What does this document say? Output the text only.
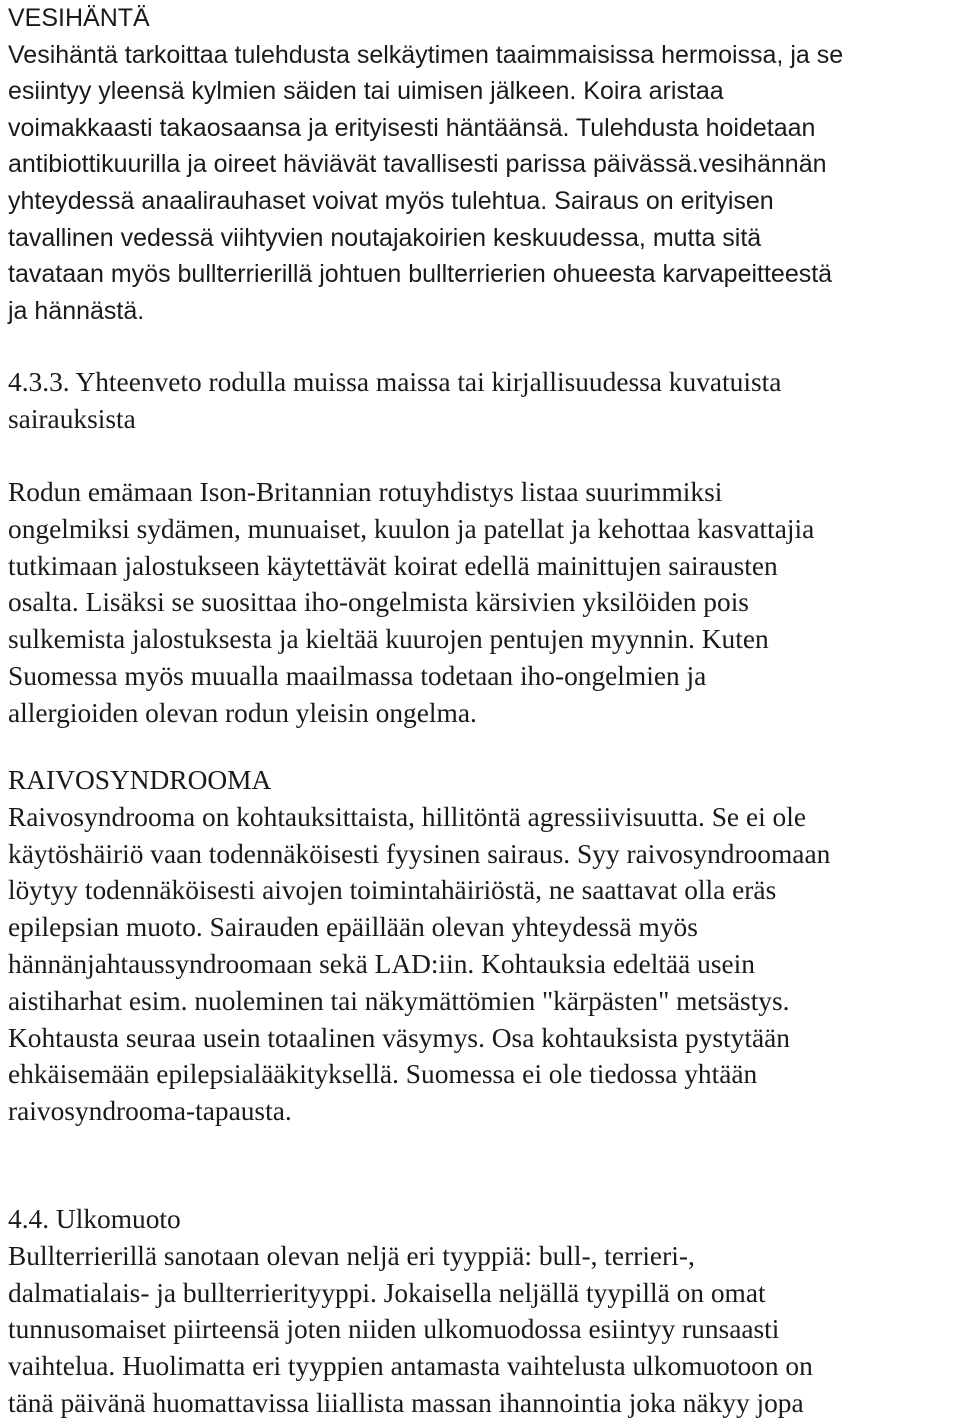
VESIHÄNTÄ
Vesihäntä tarkoittaa tulehdusta selkäytimen taaimmaisissa hermoissa, ja se
esiintyy yleensä kylmien säiden tai uimisen jälkeen. Koira aristaa
voimakkaasti takaosaansa ja erityisesti häntäänsä. Tulehdusta hoidetaan
antibiottikuurilla ja oireet häviävät tavallisesti parissa päivässä.vesihännän
yhteydessä anaalirauhaset voivat myös tulehtua. Sairaus on erityisen
tavallinen vedessä viihtyvien noutajakoirien keskuudessa, mutta sitä
tavataan myös bullterrierillä johtuen bullterrierien ohueesta karvapeitteestä
ja hännästä.
4.3.3. Yhteenveto rodulla muissa maissa tai kirjallisuudessa kuvatuista
sairauksista
Rodun emämaan Ison-Britannian rotuyhdistys listaa suurimmiksi
ongelmiksi sydämen, munuaiset, kuulon ja patellat ja kehottaa kasvattajia
tutkimaan jalostukseen käytettävät koirat edellä mainittujen sairausten
osalta. Lisäksi se suosittaa iho-ongelmista kärsivien yksilöiden pois
sulkemista jalostuksesta ja kieltää kuurojen pentujen myynnin. Kuten
Suomessa myös muualla maailmassa todetaan iho-ongelmien ja
allergioiden olevan rodun yleisin ongelma.
RAIVOSYNDROOMA
Raivosyndrooma on kohtauksittaista, hillitöntä agressiivisuutta. Se ei ole
käytöshäiriö vaan todennäköisesti fyysinen sairaus. Syy raivosyndroomaan
löytyy todennäköisesti aivojen toimintahäiriöstä, ne saattavat olla eräs
epilepsian muoto. Sairauden epäillään olevan yhteydessä myös
hännänjahtaussyndroomaan sekä LAD:iin. Kohtauksia edeltää usein
aistiharhat esim. nuoleminen tai näkymättömien "kärpästen" metsästys.
Kohtausta seuraa usein totaalinen väsymys. Osa kohtauksista pystytään
ehkäisemään epilepsialääkityksellä. Suomessa ei ole tiedossa yhtään
raivosyndrooma-tapausta.
4.4. Ulkomuoto
Bullterrierillä sanotaan olevan neljä eri tyyppiä: bull-, terrieri-,
dalmatialais- ja bullterrierityyppi. Jokaisella neljällä tyypillä on omat
tunnusomaiset piirteensä joten niiden ulkomuodossa esiintyy runsaasti
vaihtelua. Huolimatta eri tyyppien antamasta vaihtelusta ulkomuotoon on
tänä päivänä huomattavissa liiallista massan ihannointia joka näkyy jopa
